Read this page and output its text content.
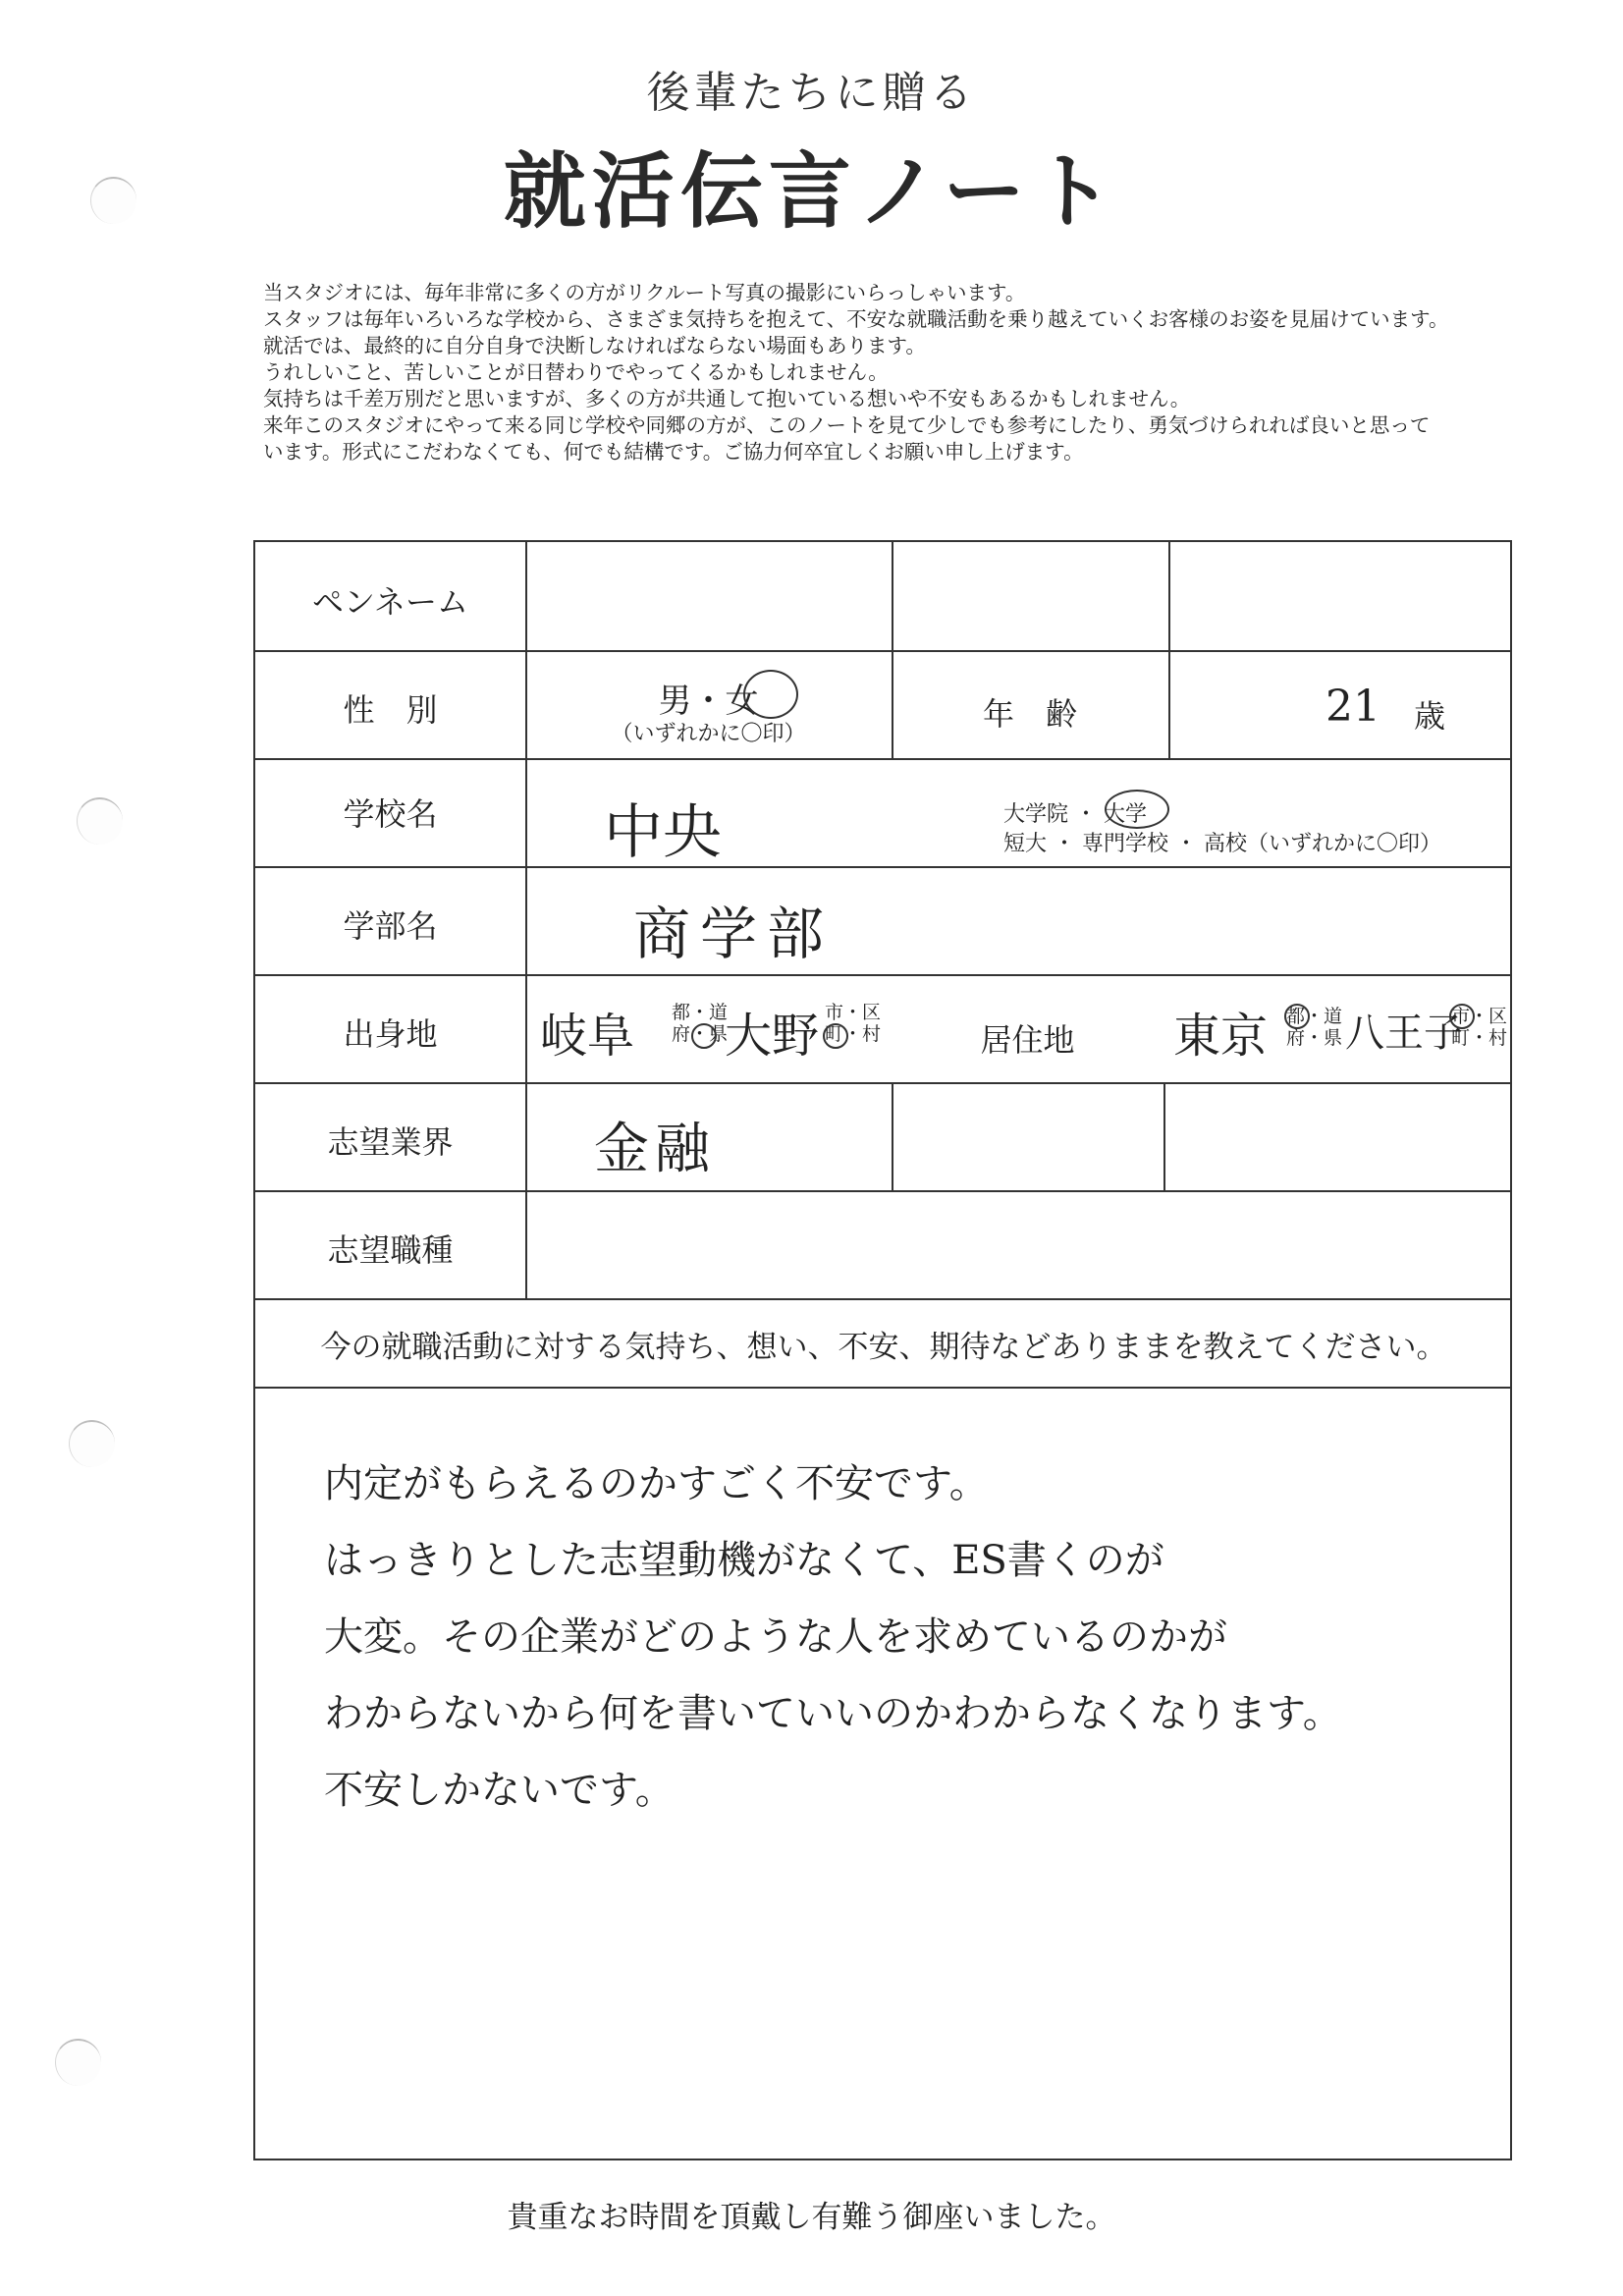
後輩たちに贈る
就活伝言ノート
当スタジオには、毎年非常に多くの方がリクルート写真の撮影にいらっしゃいます。
スタッフは毎年いろいろな学校から、さまざま気持ちを抱えて、不安な就職活動を乗り越えていくお客様のお姿を見届けています。
就活では、最終的に自分自身で決断しなければならない場面もあります。
うれしいこと、苦しいことが日替わりでやってくるかもしれません。
気持ちは千差万別だと思いますが、多くの方が共通して抱いている想いや不安もあるかもしれません。
来年このスタジオにやって来る同じ学校や同郷の方が、このノートを見て少しでも参考にしたり、勇気づけられれば良いと思って
います。形式にこだわなくても、何でも結構です。ご協力何卒宜しくお願い申し上げます。
ペンネーム
性　別	男・女
（いずれかに〇印）
年　齢	21 歳
学校名	中央	大学院 ・ 大学
短大 ・ 専門学校 ・ 高校（いずれかに〇印）
学部名	商学部
出身地	岐阜 都・道
府・県
大野 市・区
町・村	居住地	東京 都・道
府・県 八王子
市・区
町・村
志望業界	金融
志望職種
今の就職活動に対する気持ち、想い、不安、期待などありままを教えてください。
内定がもらえるのかすごく不安です。
はっきりとした志望動機がなくて、ES書くのが
大変。その企業がどのような人を求めているのかが
わからないから何を書いていいのかわからなくなります。
不安しかないです。
貴重なお時間を頂戴し有難う御座いました。
